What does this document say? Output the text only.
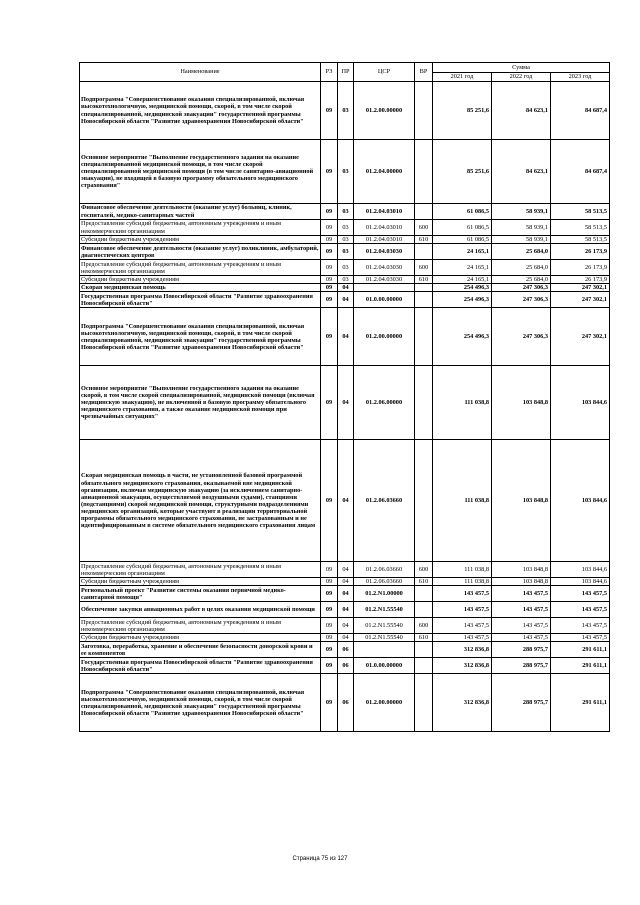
Наименование	РЗ	ПР	ЦСР	ВР	Сумма		
					2021 год	2022 год	2023 год
Подпрограмма "Совершенствование оказания специализированной, включая высокотехнологичную, медицинской помощи, скорой, в том числе скорой специализированной, медицинской эвакуации" государственной программы Новосибирской области "Развитие здравоохранения Новосибирской области"	09	03	01.2.00.00000		85 251,6	84 623,1	84 687,4
Основное мероприятие "Выполнение государственного задания на оказание специализированной медицинской помощи, в том числе скорой специализированной медицинской помощи (в том числе санитарно-авиационной эвакуации), не входящей в базовую программу обязательного медицинского страхования"	09	03	01.2.04.00000		85 251,6	84 623,1	84 687,4
Финансовое обеспечение деятельности (оказание услуг) больниц, клиник, госпиталей, медико-санитарных частей	09	03	01.2.04.03010		61 086,5	58 939,1	58 513,5
Предоставление субсидий бюджетным, автономным учреждениям и иным некоммерческим организациям	09	03	01.2.04.03010	600	61 086,5	58 939,1	58 513,5
Субсидии бюджетным учреждениям	09	03	01.2.04.03010	610	61 086,5	58 939,1	58 513,5
Финансовое обеспечение деятельности (оказание услуг) поликлиник, амбулаторий, диагностических центров	09	03	01.2.04.03030		24 165,1	25 684,0	26 173,9
Предоставление субсидий бюджетным, автономным учреждениям и иным некоммерческим организациям	09	03	01.2.04.03030	600	24 165,1	25 684,0	26 173,9
Субсидии бюджетным учреждениям	09	03	01.2.04.03030	610	24 165,1	25 684,0	26 173,9
Скорая медицинская помощь	09	04			254 496,3	247 306,3	247 302,1
Государственная программа Новосибирской области "Развитие здравоохранения Новосибирской области"	09	04	01.0.00.00000		254 496,3	247 306,3	247 302,1
Подпрограмма "Совершенствование оказания специализированной, включая высокотехнологичную, медицинской помощи, скорой, в том числе скорой специализированной, медицинской эвакуации" государственной программы Новосибирской области "Развитие здравоохранения Новосибирской области"	09	04	01.2.00.00000		254 496,3	247 306,3	247 302,1
Основное мероприятие "Выполнение государственного задания на оказание скорой, в том числе скорой специализированной, медицинской помощи (включая медицинскую эвакуацию), не включенной в базовую программу обязательного медицинского страхования, а также оказание медицинской помощи при чрезвычайных ситуациях"	09	04	01.2.06.00000		111 038,8	103 848,8	103 844,6
Скорая медицинская помощь в части, не установленной базовой программой обязательного медицинского страхования, оказываемой вне медицинской организации, включая медицинскую эвакуацию (за исключением санитарно-авиационной эвакуации, осуществляемой воздушными судами), станциями (подстанциями) скорой медицинской помощи, структурными подразделениями медицинских организаций, которые участвуют в реализации территориальной программы обязательного медицинского страхования, не застрахованным и не идентифицированным в системе обязательного медицинского страхования лицам	09	04	01.2.06.03660		111 038,8	103 848,8	103 844,6
Предоставление субсидий бюджетным, автономным учреждениям и иным некоммерческим организациям	09	04	01.2.06.03660	600	111 038,8	103 848,8	103 844,6
Субсидии бюджетным учреждениям	09	04	01.2.06.03660	610	111 038,8	103 848,8	103 844,6
Региональный проект "Развитие системы оказания первичной медико-санитарной помощи"	09	04	01.2.N1.00000		143 457,5	143 457,5	143 457,5
Обеспечение закупки авиационных работ в целях оказания медицинской помощи	09	04	01.2.N1.55540		143 457,5	143 457,5	143 457,5
Предоставление субсидий бюджетным, автономным учреждениям и иным некоммерческим организациям	09	04	01.2.N1.55540	600	143 457,5	143 457,5	143 457,5
Субсидии бюджетным учреждениям	09	04	01.2.N1.55540	610	143 457,5	143 457,5	143 457,5
Заготовка, переработка, хранение и обеспечение безопасности донорской крови и ее компонентов	09	06			312 836,8	288 975,7	291 611,1
Государственная программа Новосибирской области "Развитие здравоохранения Новосибирской области"	09	06	01.0.00.00000		312 836,8	288 975,7	291 611,1
Подпрограмма "Совершенствование оказания специализированной, включая высокотехнологичную, медицинской помощи, скорой, в том числе скорой специализированной, медицинской эвакуации" государственной программы Новосибирской области "Развитие здравоохранения Новосибирской области"	09	06	01.2.00.00000		312 836,8	288 975,7	291 611,1
Страница 75 из 127
